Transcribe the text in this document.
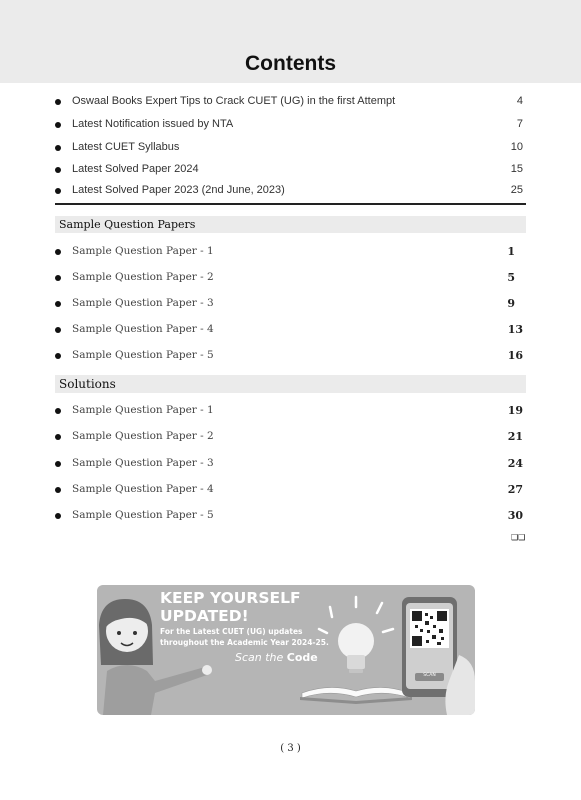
Contents
Oswaal Books Expert Tips to Crack CUET (UG) in the first Attempt	4
Latest Notification issued by NTA	7
Latest CUET Syllabus	10
Latest Solved Paper 2024	15
Latest Solved Paper 2023 (2nd June, 2023)	25
Sample Question Papers
Sample Question Paper - 1	1
Sample Question Paper - 2	5
Sample Question Paper - 3	9
Sample Question Paper - 4	13
Sample Question Paper - 5	16
Solutions
Sample Question Paper - 1	19
Sample Question Paper - 2	21
Sample Question Paper - 3	24
Sample Question Paper - 4	27
Sample Question Paper - 5	30
❑❑
KEEP YOURSELF
UPDATED!
For the Latest CUET (UG) updates throughout the Academic Year 2024-25.
Scan the Code
SCAN
( 3 )
